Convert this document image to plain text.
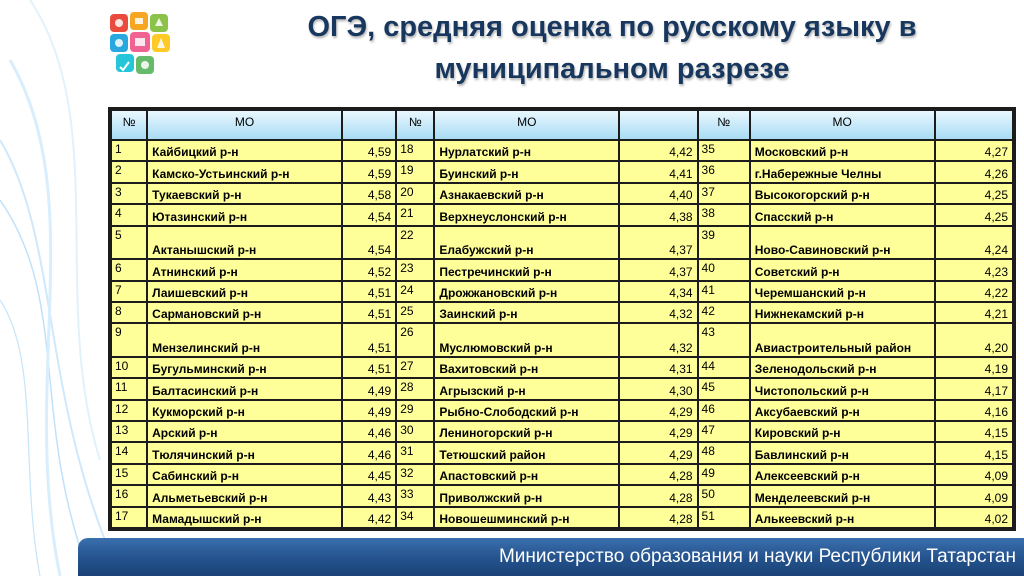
ОГЭ, средняя оценка по русскому языку в
муниципальном разрезе
№	МО		№	МО		№	МО	
1	Кайбицкий р-н	4,59	18	Нурлатский р-н	4,42	35	Московский р-н	4,27
2	Камско-Устьинский р-н	4,59	19	Буинский р-н	4,41	36	г.Набережные Челны	4,26
3	Тукаевский р-н	4,58	20	Азнакаевский р-н	4,40	37	Высокогорский р-н	4,25
4	Ютазинский р-н	4,54	21	Верхнеуслонский р-н	4,38	38	Спасский р-н	4,25
5	Актанышский р-н	4,54	22	Елабужский р-н	4,37	39	Ново-Савиновский р-н	4,24
6	Атнинский р-н	4,52	23	Пестречинский р-н	4,37	40	Советский р-н	4,23
7	Лаишевский р-н	4,51	24	Дрожжановский р-н	4,34	41	Черемшанский р-н	4,22
8	Сармановский р-н	4,51	25	Заинский р-н	4,32	42	Нижнекамский р-н	4,21
9	Мензелинский р-н	4,51	26	Муслюмовский р-н	4,32	43	Авиастроительный район	4,20
10	Бугульминский р-н	4,51	27	Вахитовский р-н	4,31	44	Зеленодольский р-н	4,19
11	Балтасинский р-н	4,49	28	Агрызский р-н	4,30	45	Чистопольский р-н	4,17
12	Кукморский р-н	4,49	29	Рыбно-Слободский р-н	4,29	46	Аксубаевский р-н	4,16
13	Арский р-н	4,46	30	Лениногорский р-н	4,29	47	Кировский р-н	4,15
14	Тюлячинский р-н	4,46	31	Тетюшский район	4,29	48	Бавлинский р-н	4,15
15	Сабинский р-н	4,45	32	Апастовский р-н	4,28	49	Алексеевский р-н	4,09
16	Альметьевский р-н	4,43	33	Приволжский р-н	4,28	50	Менделеевский р-н	4,09
17	Мамадышский р-н	4,42	34	Новошешминский р-н	4,28	51	Алькеевский р-н	4,02
Министерство образования и науки Республики Татарстан
